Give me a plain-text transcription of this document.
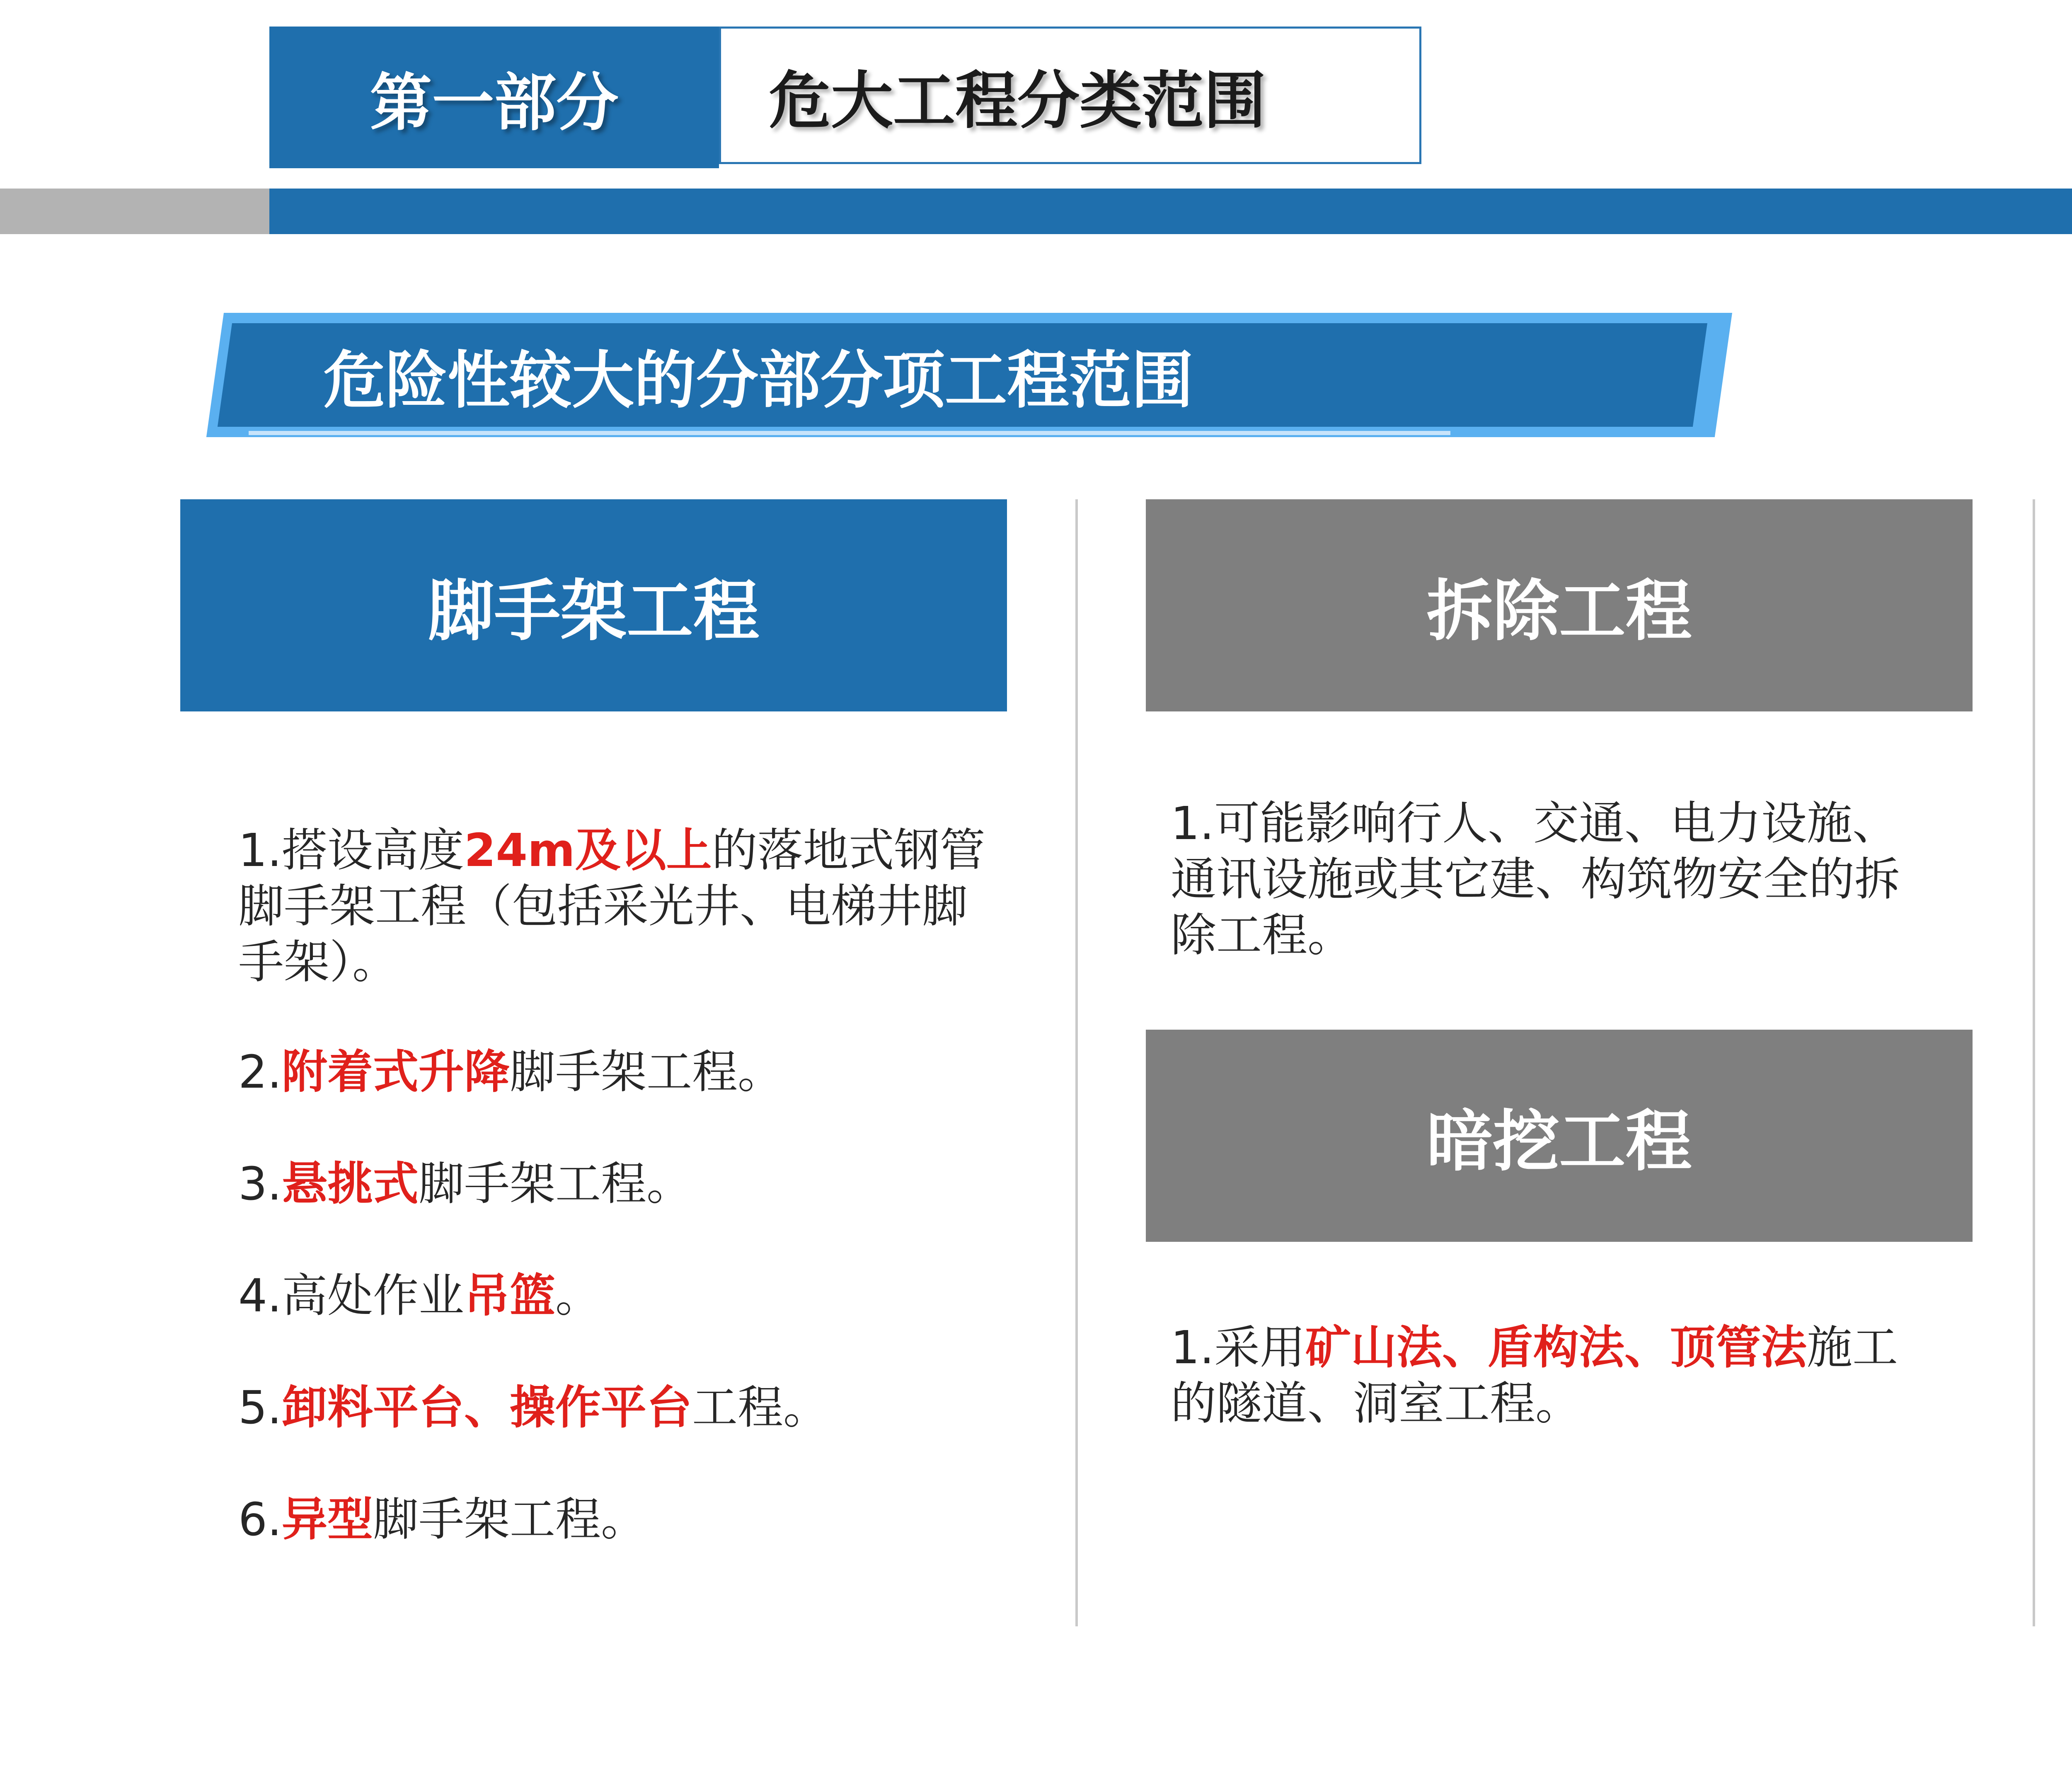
第一部分	危大工程分类范围
危险性较大的分部分项工程范围
脚手架工程
1.搭设高度24m及以上的落地式钢管
脚手架工程（包括采光井、电梯井脚
手架）。
2.附着式升降脚手架工程。
3.悬挑式脚手架工程。
4.高处作业吊篮。
5.卸料平台、操作平台工程。
6.异型脚手架工程。
拆除工程
1.可能影响行人、交通、电力设施、
通讯设施或其它建、构筑物安全的拆
除工程。
暗挖工程
1.采用矿山法、盾构法、顶管法施工
的隧道、洞室工程。
